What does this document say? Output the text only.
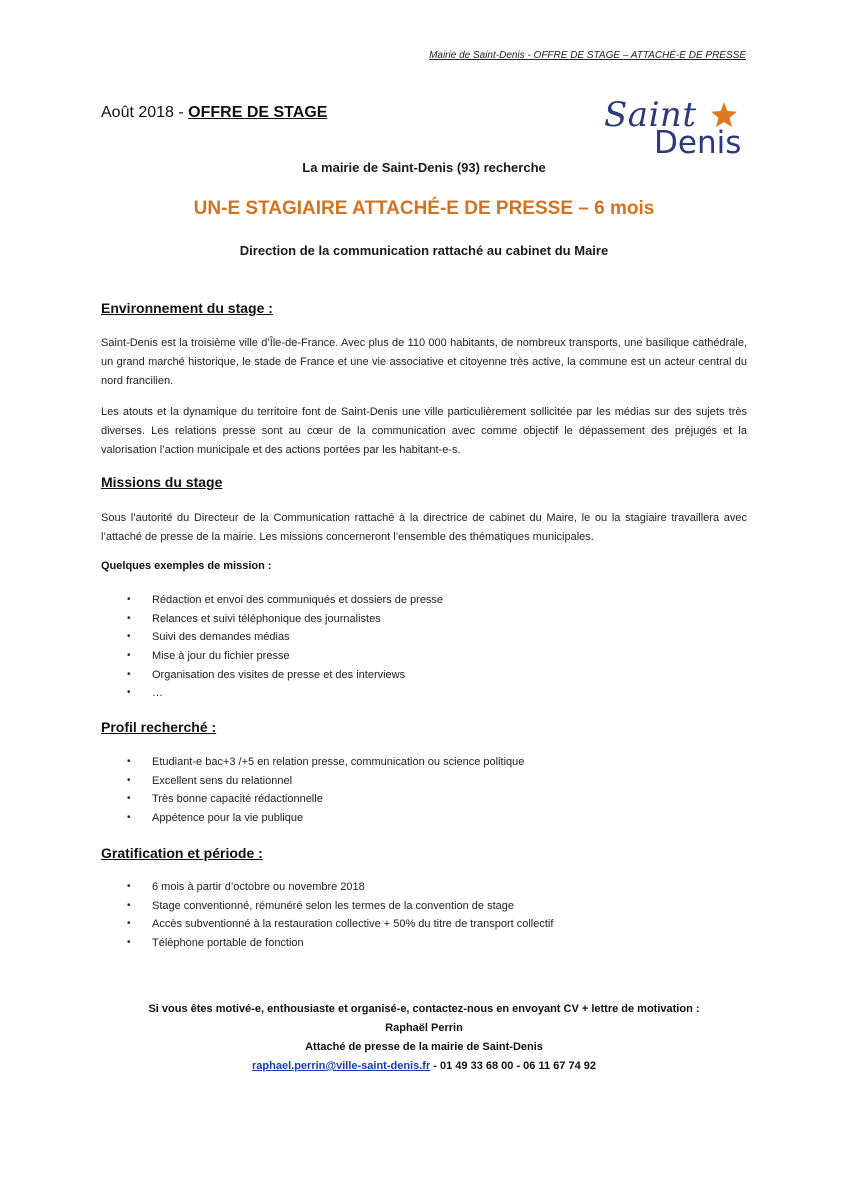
Mairie de Saint-Denis - OFFRE DE STAGE – ATTACHÉ-E DE PRESSE
Août 2018 - OFFRE DE STAGE	Saint
Denis
La mairie de Saint-Denis (93) recherche
UN-E STAGIAIRE ATTACHÉ-E DE PRESSE – 6 mois
Direction de la communication rattaché au cabinet du Maire
Environnement du stage :
Saint-Denis est la troisième ville d’Île-de-France. Avec plus de 110 000 habitants, de nombreux transports, une basilique cathédrale, un grand marché historique, le stade de France et une vie associative et citoyenne très active, la commune est un acteur central du nord francilien.
Les atouts et la dynamique du territoire font de Saint-Denis une ville particulièrement sollicitée par les médias sur des sujets très diverses. Les relations presse sont au cœur de la communication avec comme objectif le dépassement des préjugés et la valorisation l’action municipale et des actions portées par les habitant-e-s.
Missions du stage
Sous l’autorité du Directeur de la Communication rattaché à la directrice de cabinet du Maire, le ou la stagiaire travaillera avec l’attaché de presse de la mairie. Les missions concerneront l’ensemble des thématiques municipales.
Quelques exemples de mission :
• Rédaction et envoi des communiqués et dossiers de presse
• Relances et suivi téléphonique des journalistes
• Suivi des demandes médias
• Mise à jour du fichier presse
• Organisation des visites de presse et des interviews
• …
Profil recherché :
• Etudiant-e bac+3 /+5 en relation presse, communication ou science politique
• Excellent sens du relationnel
• Très bonne capacité rédactionnelle
• Appétence pour la vie publique
Gratification et période :
• 6 mois à partir d’octobre ou novembre 2018
• Stage conventionné, rémunéré selon les termes de la convention de stage
• Accès subventionné à la restauration collective + 50% du titre de transport collectif
• Téléphone portable de fonction
Si vous êtes motivé-e, enthousiaste et organisé-e, contactez-nous en envoyant CV + lettre de motivation :
Raphaël Perrin
Attaché de presse de la mairie de Saint-Denis
raphael.perrin@ville-saint-denis.fr - 01 49 33 68 00 - 06 11 67 74 92
